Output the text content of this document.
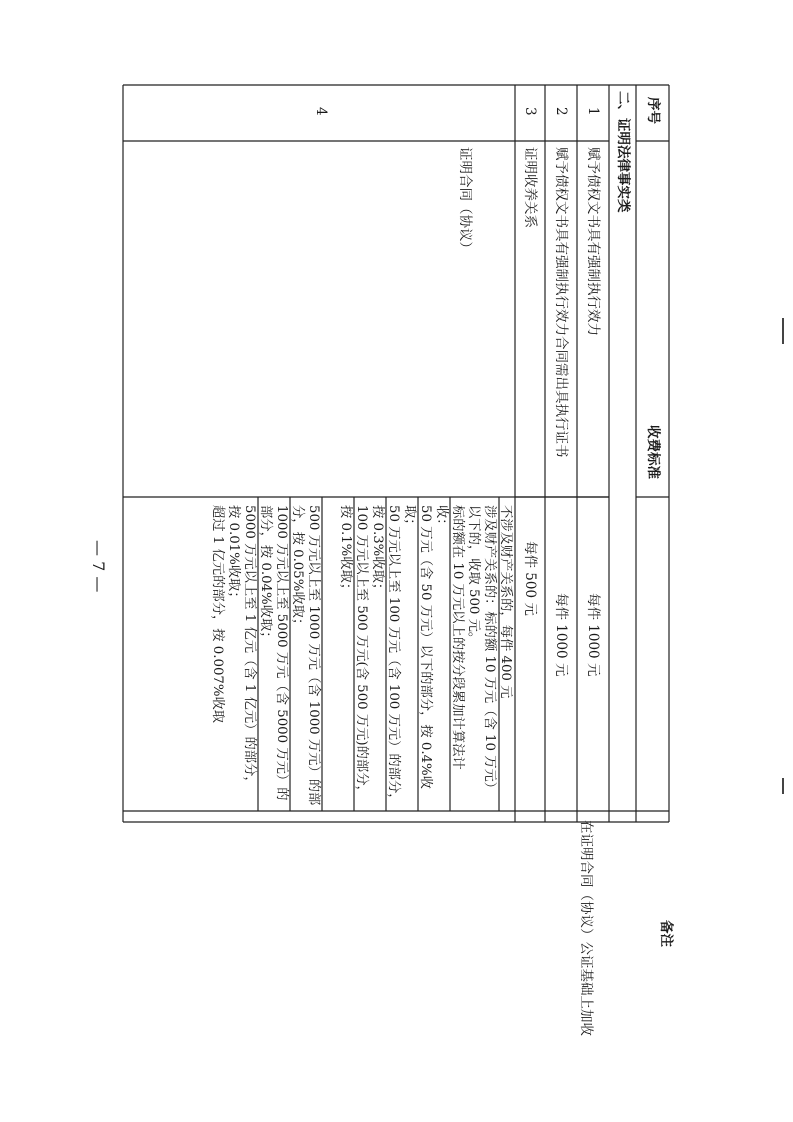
序号
收费标准
二、证明法律事实类
1
赋予债权文书具有强制执行效力
每件 1000 元
2
赋予债权文书具有强制执行效力合同需出具执行证书
每件 1000 元
3
证明收养关系
每件 500 元
4
证明合同（协议）
不涉及财产关系的，每件 400 元
涉及财产关系的：标的额 10 万元（含 10 万元）
以下的，收取 500 元。
标的额在 10 万元以上的按分段累加计算法计
收：
50 万元（含 50 万元）以下的部分，按 0.4%收
取；
50 万元以上至 100 万元（含 100 万元）的部分，
按 0.3%收取；
100 万元以上至 500 万元(含 500 万元)的部分，
按 0.1%收取；
500 万元以上至 1000 万元（含 1000 万元）的部
分，按 0.05%收取；
1000 万元以上至 5000 万元（含 5000 万元）的
部分，按 0.04%收取；
5000 万元以上至 1 亿元（含 1 亿元）的部分，
按 0.01%收取；
超过 1 亿元的部分，按 0.007%收取
在证明合同（协议）公证基础上加收	备注
— 7 —
